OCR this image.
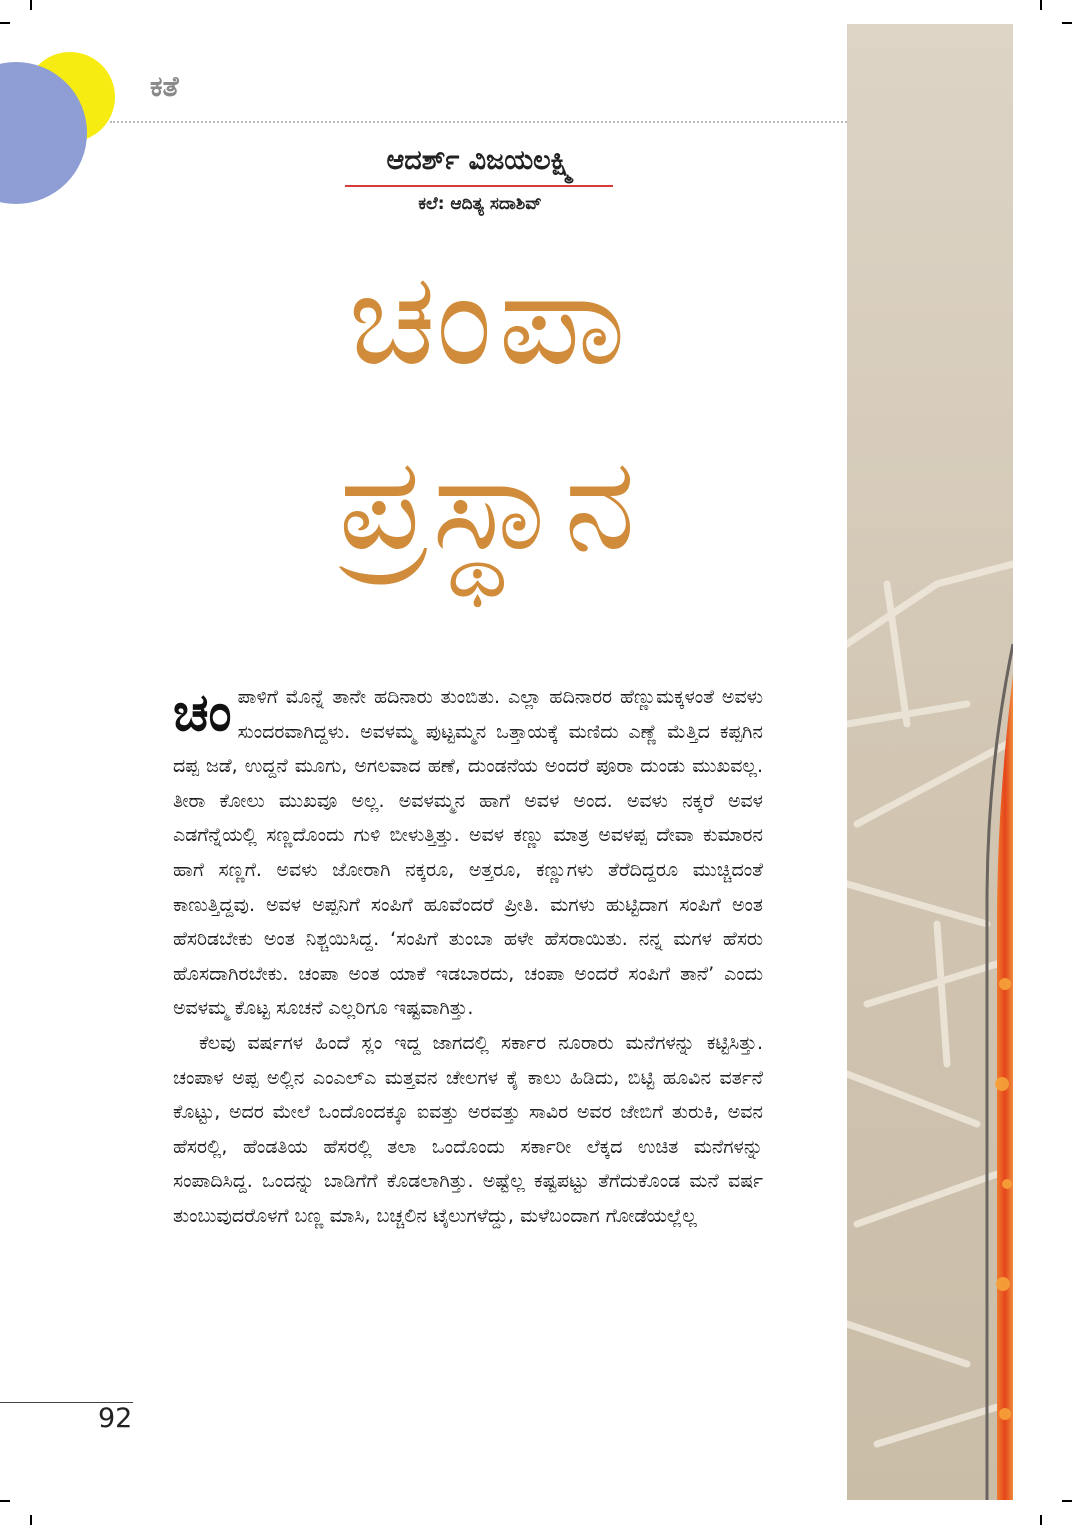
ಕತೆ
ಆದರ್ಶ್ ವಿಜಯಲಕ್ಷ್ಮಿ
ಕಲೆ: ಆದಿತ್ಯ ಸದಾಶಿವ್
ಚಂಪಾ
ಪ್ರಸ್ಥಾನ

ಚಂ ಪಾಳಿಗೆ ಮೊನ್ನೆ ತಾನೇ ಹದಿನಾರು ತುಂಬಿತು. ಎಲ್ಲಾ ಹದಿನಾರರ ಹೆಣ್ಣುಮಕ್ಕಳಂತೆ ಅವಳು ಸುಂದರವಾಗಿದ್ದಳು. ಅವಳಮ್ಮ ಪುಟ್ಟಮ್ಮನ ಒತ್ತಾಯಕ್ಕೆ ಮಣಿದು ಎಣ್ಣೆ ಮೆತ್ತಿದ ಕಪ್ಪಗಿನ ದಪ್ಪ ಜಡೆ, ಉದ್ದನೆ ಮೂಗು, ಅಗಲವಾದ ಹಣೆ, ದುಂಡನೆಯ ಅಂದರೆ ಪೂರಾ ದುಂಡು ಮುಖವಲ್ಲ. ತೀರಾ ಕೋಲು ಮುಖವೂ ಅಲ್ಲ. ಅವಳಮ್ಮನ ಹಾಗೆ ಅವಳ ಅಂದ. ಅವಳು ನಕ್ಕರೆ ಅವಳ ಎಡಗೆನ್ನೆಯಲ್ಲಿ ಸಣ್ಣದೊಂದು ಗುಳಿ ಬೀಳುತ್ತಿತ್ತು. ಅವಳ ಕಣ್ಣು ಮಾತ್ರ ಅವಳಪ್ಪ ದೇವಾ ಕುಮಾರನ ಹಾಗೆ ಸಣ್ಣಗೆ. ಅವಳು ಜೋರಾಗಿ ನಕ್ಕರೂ, ಅತ್ತರೂ, ಕಣ್ಣುಗಳು ತೆರೆದಿದ್ದರೂ ಮುಚ್ಚಿದಂತೆ ಕಾಣುತ್ತಿದ್ದವು. ಅವಳ ಅಪ್ಪನಿಗೆ ಸಂಪಿಗೆ ಹೂವೆಂದರೆ ಪ್ರೀತಿ. ಮಗಳು ಹುಟ್ಟಿದಾಗ ಸಂಪಿಗೆ ಅಂತ ಹೆಸರಿಡಬೇಕು ಅಂತ ನಿಶ್ಚಯಿಸಿದ್ದ. ‘ಸಂಪಿಗೆ ತುಂಬಾ ಹಳೇ ಹೆಸರಾಯಿತು. ನನ್ನ ಮಗಳ ಹೆಸರು ಹೊಸದಾಗಿರಬೇಕು. ಚಂಪಾ ಅಂತ ಯಾಕೆ ಇಡಬಾರದು, ಚಂಪಾ ಅಂದರೆ ಸಂಪಿಗೆ ತಾನೆ’ ಎಂದು ಅವಳಮ್ಮ ಕೊಟ್ಟ ಸೂಚನೆ ಎಲ್ಲರಿಗೂ ಇಷ್ಟವಾಗಿತ್ತು.

ಕೆಲವು ವರ್ಷಗಳ ಹಿಂದೆ ಸ್ಲಂ ಇದ್ದ ಜಾಗದಲ್ಲಿ ಸರ್ಕಾರ ನೂರಾರು ಮನೆಗಳನ್ನು ಕಟ್ಟಿಸಿತ್ತು. ಚಂಪಾಳ ಅಪ್ಪ ಅಲ್ಲಿನ ಎಂಎಲ್ಎ ಮತ್ತವನ ಚೇಲಗಳ ಕೈ ಕಾಲು ಹಿಡಿದು, ಬಿಟ್ಟಿ ಹೂವಿನ ವರ್ತನೆ ಕೊಟ್ಟು, ಅದರ ಮೇಲೆ ಒಂದೊಂದಕ್ಕೂ ಐವತ್ತು ಅರವತ್ತು ಸಾವಿರ ಅವರ ಜೇಬಿಗೆ ತುರುಕಿ, ಅವನ ಹೆಸರಲ್ಲಿ, ಹೆಂಡತಿಯ ಹೆಸರಲ್ಲಿ ತಲಾ ಒಂದೊಂದು ಸರ್ಕಾರೀ ಲೆಕ್ಕದ ಉಚಿತ ಮನೆಗಳನ್ನು ಸಂಪಾದಿಸಿದ್ದ. ಒಂದನ್ನು ಬಾಡಿಗೆಗೆ ಕೊಡಲಾಗಿತ್ತು. ಅಷ್ಟೆಲ್ಲ ಕಷ್ಟಪಟ್ಟು ತೆಗೆದುಕೊಂಡ ಮನೆ ವರ್ಷ ತುಂಬುವುದರೊಳಗೆ ಬಣ್ಣ ಮಾಸಿ, ಬಚ್ಚಲಿನ ಟೈಲುಗಳೆದ್ದು, ಮಳೆಬಂದಾಗ ಗೋಡೆಯಲ್ಲೆಲ್ಲ

92
